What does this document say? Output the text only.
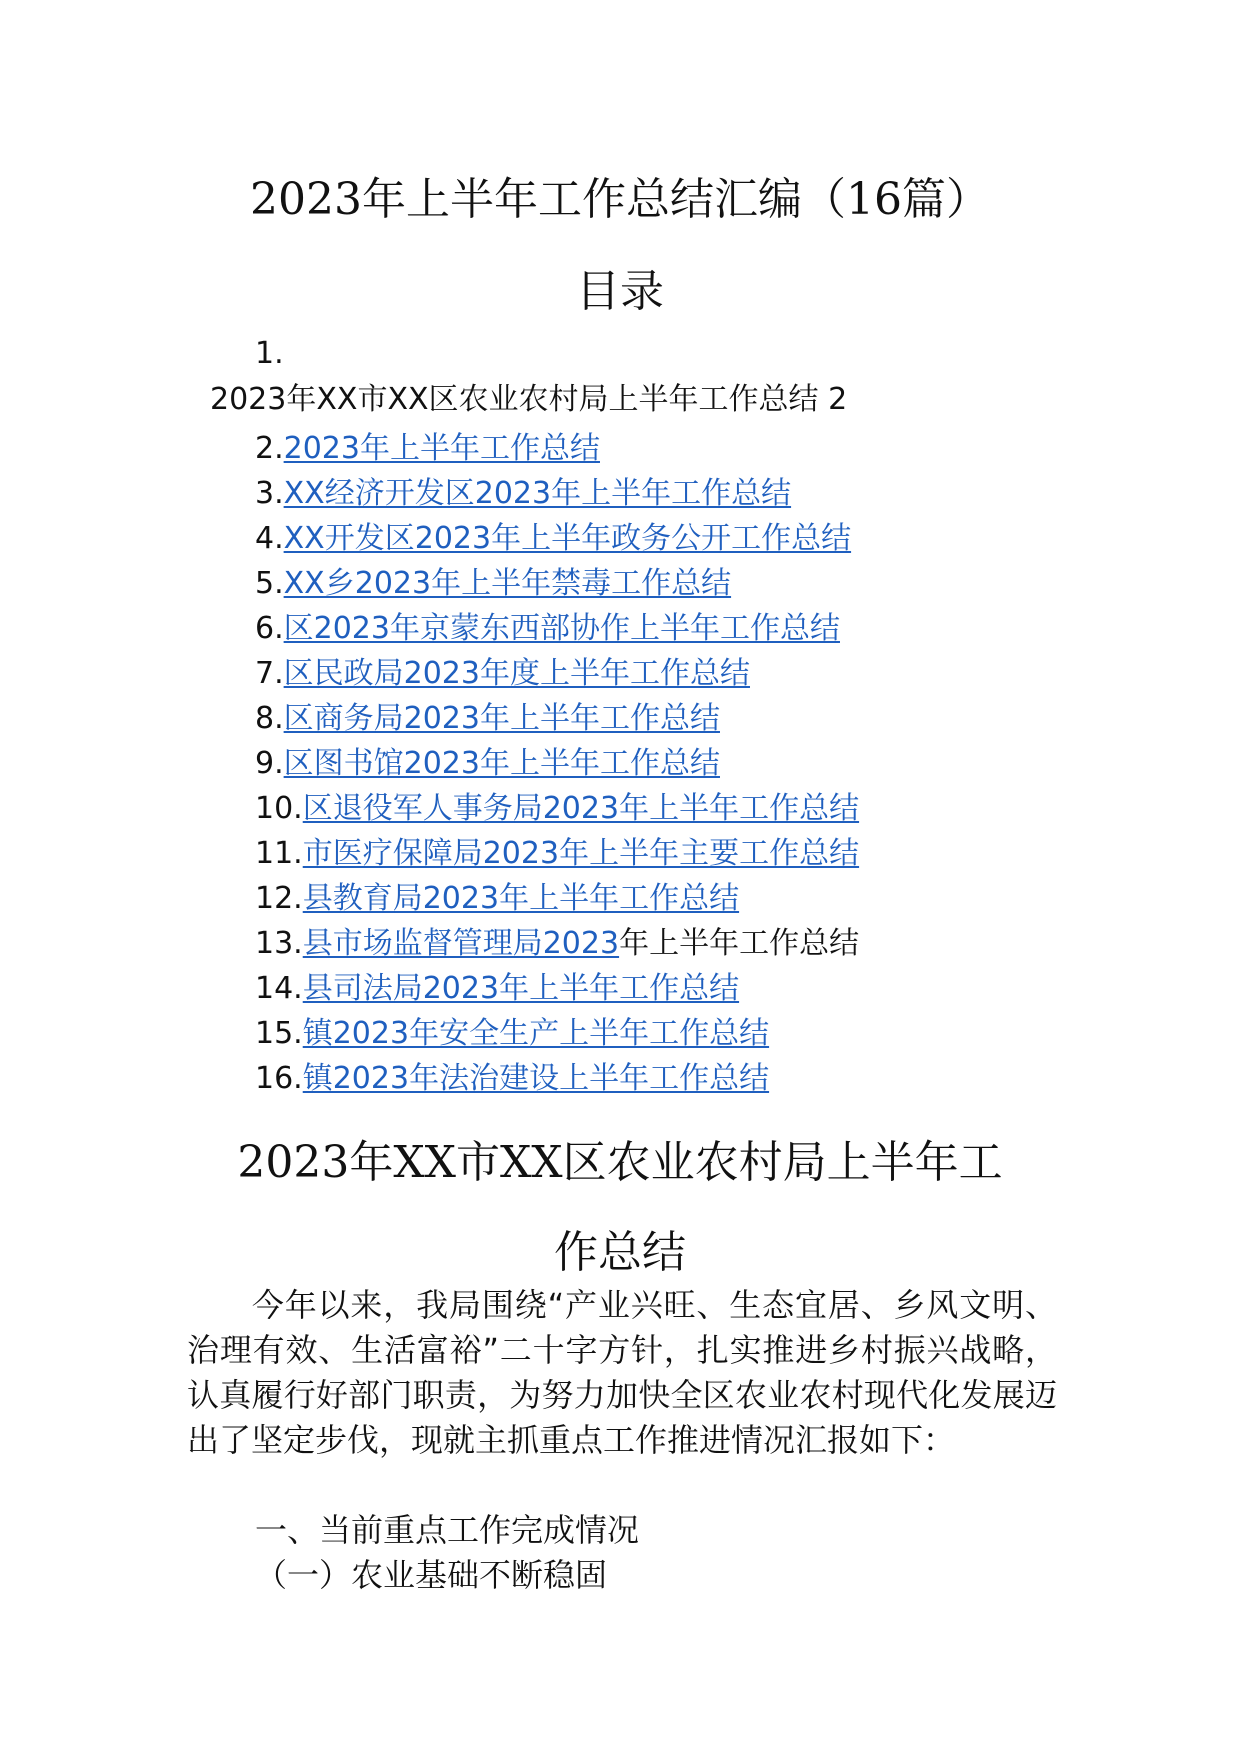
2023年上半年工作总结汇编（16篇）
目录
1.
2023年XX市XX区农业农村局上半年工作总结 2
2.2023年上半年工作总结
3.XX经济开发区2023年上半年工作总结
4.XX开发区2023年上半年政务公开工作总结
5.XX乡2023年上半年禁毒工作总结
6.区2023年京蒙东西部协作上半年工作总结
7.区民政局2023年度上半年工作总结
8.区商务局2023年上半年工作总结
9.区图书馆2023年上半年工作总结
10.区退役军人事务局2023年上半年工作总结
11.市医疗保障局2023年上半年主要工作总结
12.县教育局2023年上半年工作总结
13.县市场监督管理局2023年上半年工作总结
14.县司法局2023年上半年工作总结
15.镇2023年安全生产上半年工作总结
16.镇2023年法治建设上半年工作总结
2023年XX市XX区农业农村局上半年工
作总结

今年以来，我局围绕“产业兴旺、生态宜居、乡风文明、治理有效、生活富裕”二十字方针，扎实推进乡村振兴战略，认真履行好部门职责，为努力加快全区农业农村现代化发展迈出了坚定步伐，现就主抓重点工作推进情况汇报如下：

一、当前重点工作完成情况
（一）农业基础不断稳固
